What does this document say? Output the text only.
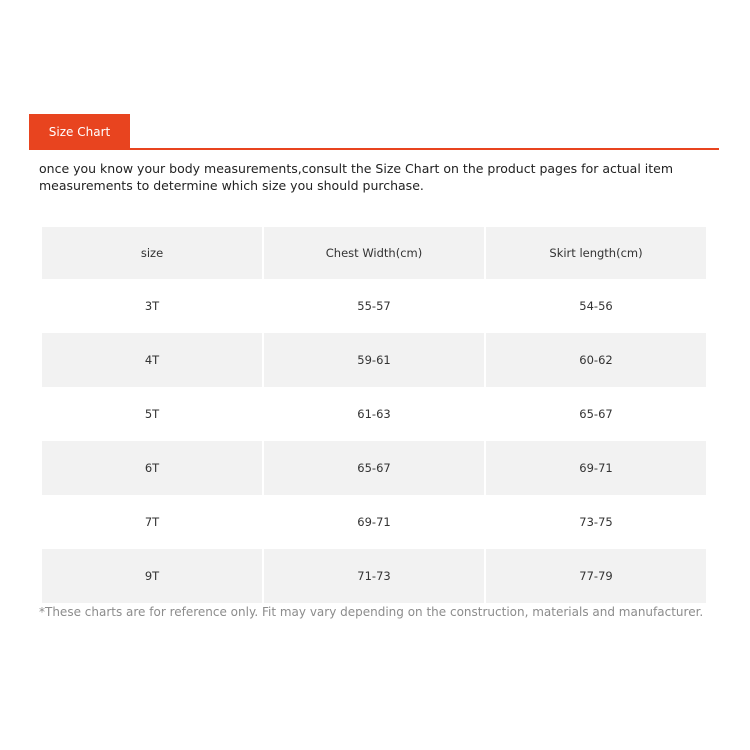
Size Chart
once you know your body measurements,consult the Size Chart on the product pages for actual item measurements to determine which size you should purchase.
size	Chest Width(cm)	Skirt length(cm)
3T	55-57	54-56
4T	59-61	60-62
5T	61-63	65-67
6T	65-67	69-71
7T	69-71	73-75
9T	71-73	77-79
*These charts are for reference only. Fit may vary depending on the construction, materials and manufacturer.
